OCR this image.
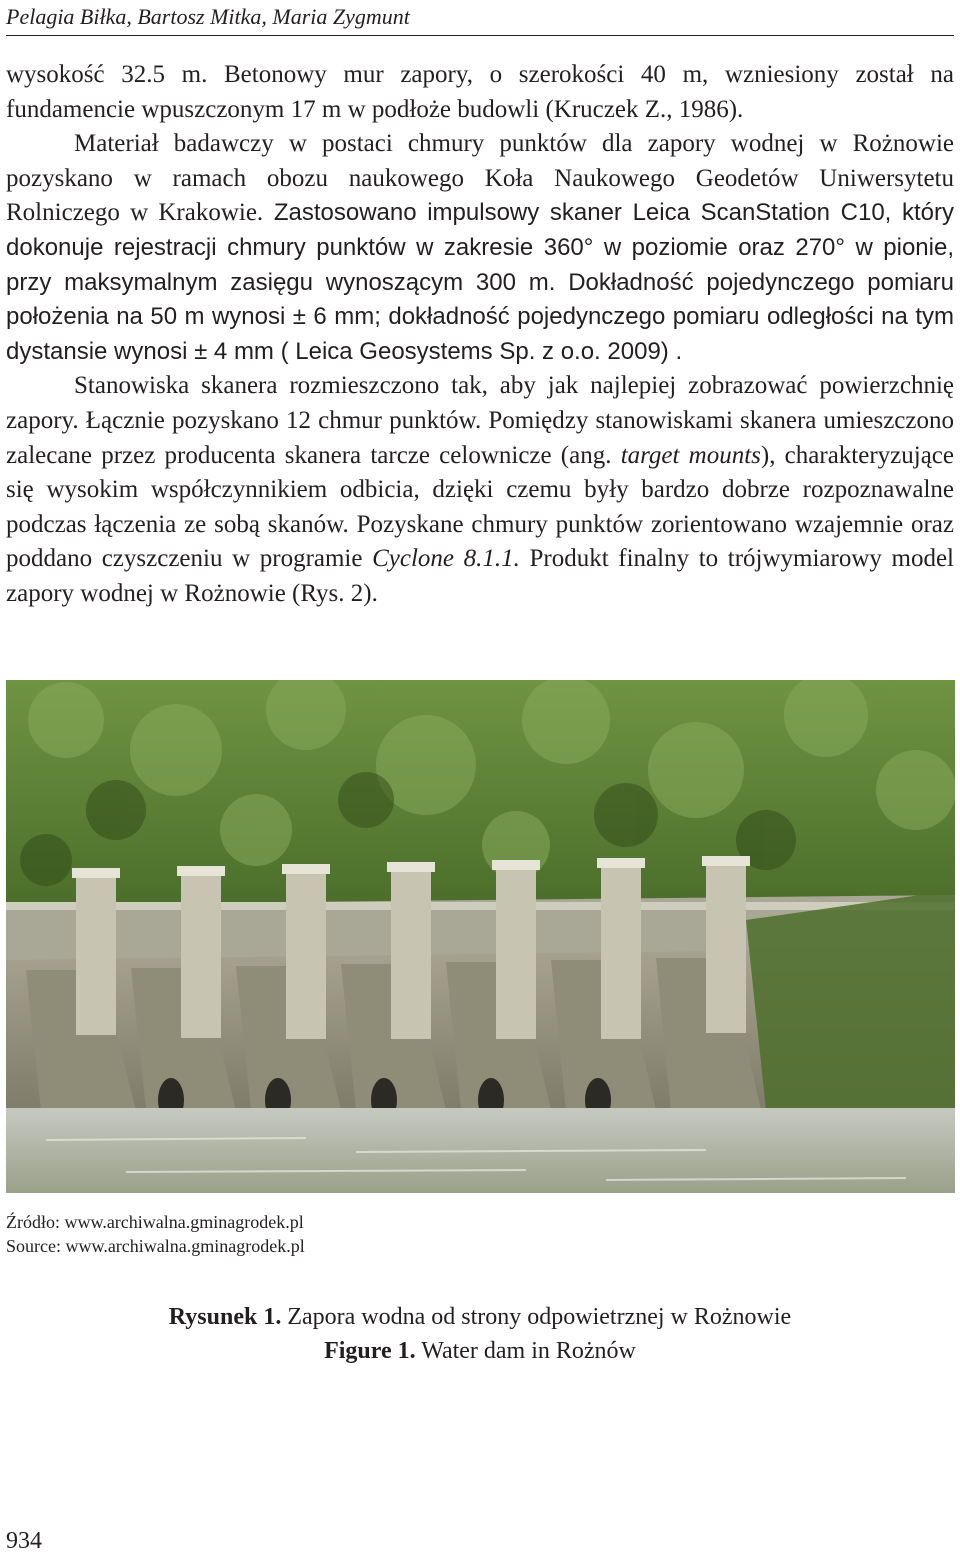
Pelagia Biłka, Bartosz Mitka, Maria Zygmunt

wysokość 32.5 m. Betonowy mur zapory, o szerokości 40 m, wzniesiony został na fundamencie wpuszczonym 17 m w podłoże budowli (Kruczek Z., 1986).

Materiał badawczy w postaci chmury punktów dla zapory wodnej w Rożnowie pozyskano w ramach obozu naukowego Koła Naukowego Geodetów Uniwersytetu Rolniczego w Krakowie. Zastosowano impulsowy skaner Leica ScanStation C10, który dokonuje rejestracji chmury punktów w zakresie 360° w poziomie oraz 270° w pionie, przy maksymalnym zasięgu wynoszącym 300 m. Dokładność pojedynczego pomiaru położenia na 50 m wynosi ± 6 mm; dokładność pojedynczego pomiaru odległości na tym dystansie wynosi ± 4 mm ( Leica Geosystems Sp. z o.o. 2009) .

Stanowiska skanera rozmieszczono tak, aby jak najlepiej zobrazować powierzchnię zapory. Łącznie pozyskano 12 chmur punktów. Pomiędzy stanowiskami skanera umieszczono zalecane przez producenta skanera tarcze celownicze (ang. target mounts), charakteryzujące się wysokim współczynnikiem odbicia, dzięki czemu były bardzo dobrze rozpoznawalne podczas łączenia ze sobą skanów. Pozyskane chmury punktów zorientowano wzajemnie oraz poddano czyszczeniu w programie Cyclone 8.1.1. Produkt finalny to trójwymiarowy model zapory wodnej w Rożnowie (Rys. 2).

Źródło: www.archiwalna.gminagrodek.pl
Source: www.archiwalna.gminagrodek.pl
Rysunek 1. Zapora wodna od strony odpowietrznej w Rożnowie
Figure 1. Water dam in Rożnów
934
